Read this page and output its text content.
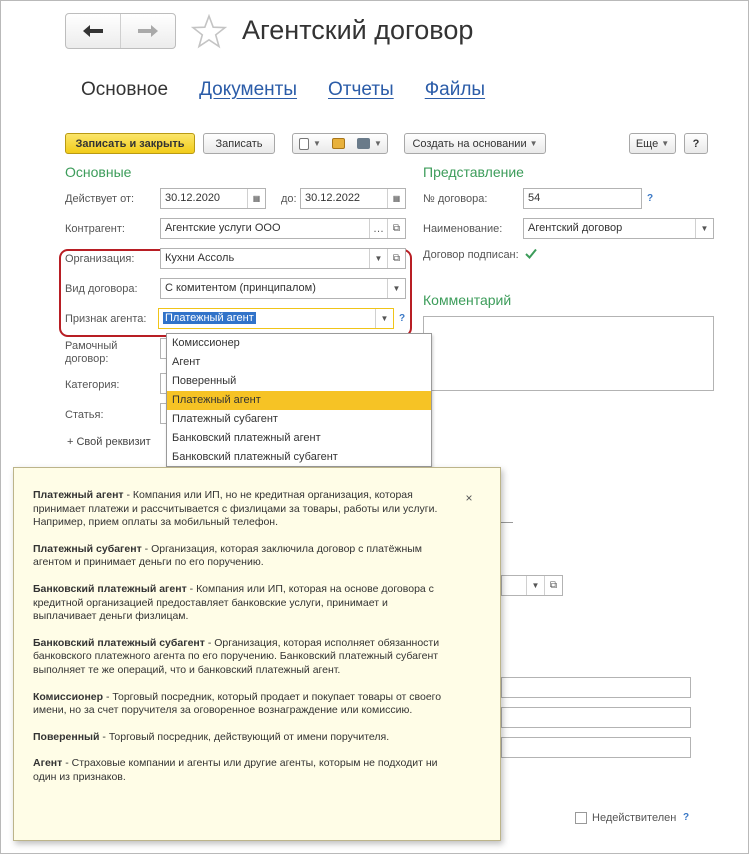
Агентский договор
Основное Документы Отчеты Файлы
Записать и закрыть	Записать	▼	▼	Создать на основании ▼	Еще ▼	?
Основные
Действует от:	30.12.2020	▦	до: 30.12.2022	▦
Контрагент:	Агентские услуги ООО	… ⧉
Организация:	Кухни Ассоль	▼	⧉
Вид договора:	С комитентом (принципалом)	▼
Признак агента:	Платежный агент	▼	?
Рамочный
договор:
Категория:
Статья:
+ Свой реквизит
Представление
№ договора:	54	?
Наименование:	Агентский договор	▼
Договор подписан:
Комментарий
▼	⧉
Комиссионер
Агент
Поверенный
Платежный агент
Платежный субагент
Банковский платежный агент
Банковский платежный субагент
×

Платежный агент - Компания или ИП, но не кредитная организация, которая принимает платежи и рассчитывается с физлицами за товары, работы или услуги. Например, прием оплаты за мобильный телефон.

Платежный субагент - Организация, которая заключила договор с платёжным агентом и принимает деньги по его поручению.

Банковский платежный агент - Компания или ИП, которая на основе договора с кредитной организацией предоставляет банковские услуги, принимает и выплачивает деньги физлицам.

Банковский платежный субагент - Организация, которая исполняет обязанности банковского платежного агента по его поручению. Банковский платежный субагент выполняет те же операций, что и банковский платежный агент.

Комиссионер - Торговый посредник, который продает и покупает товары от своего имени, но за счет поручителя за оговоренное вознаграждение или комиссию.

Поверенный - Торговый посредник, действующий от имени поручителя.

Агент - Страховые компании и агенты или другие агенты, которым не подходит ни один из признаков.

Недействителен ?
